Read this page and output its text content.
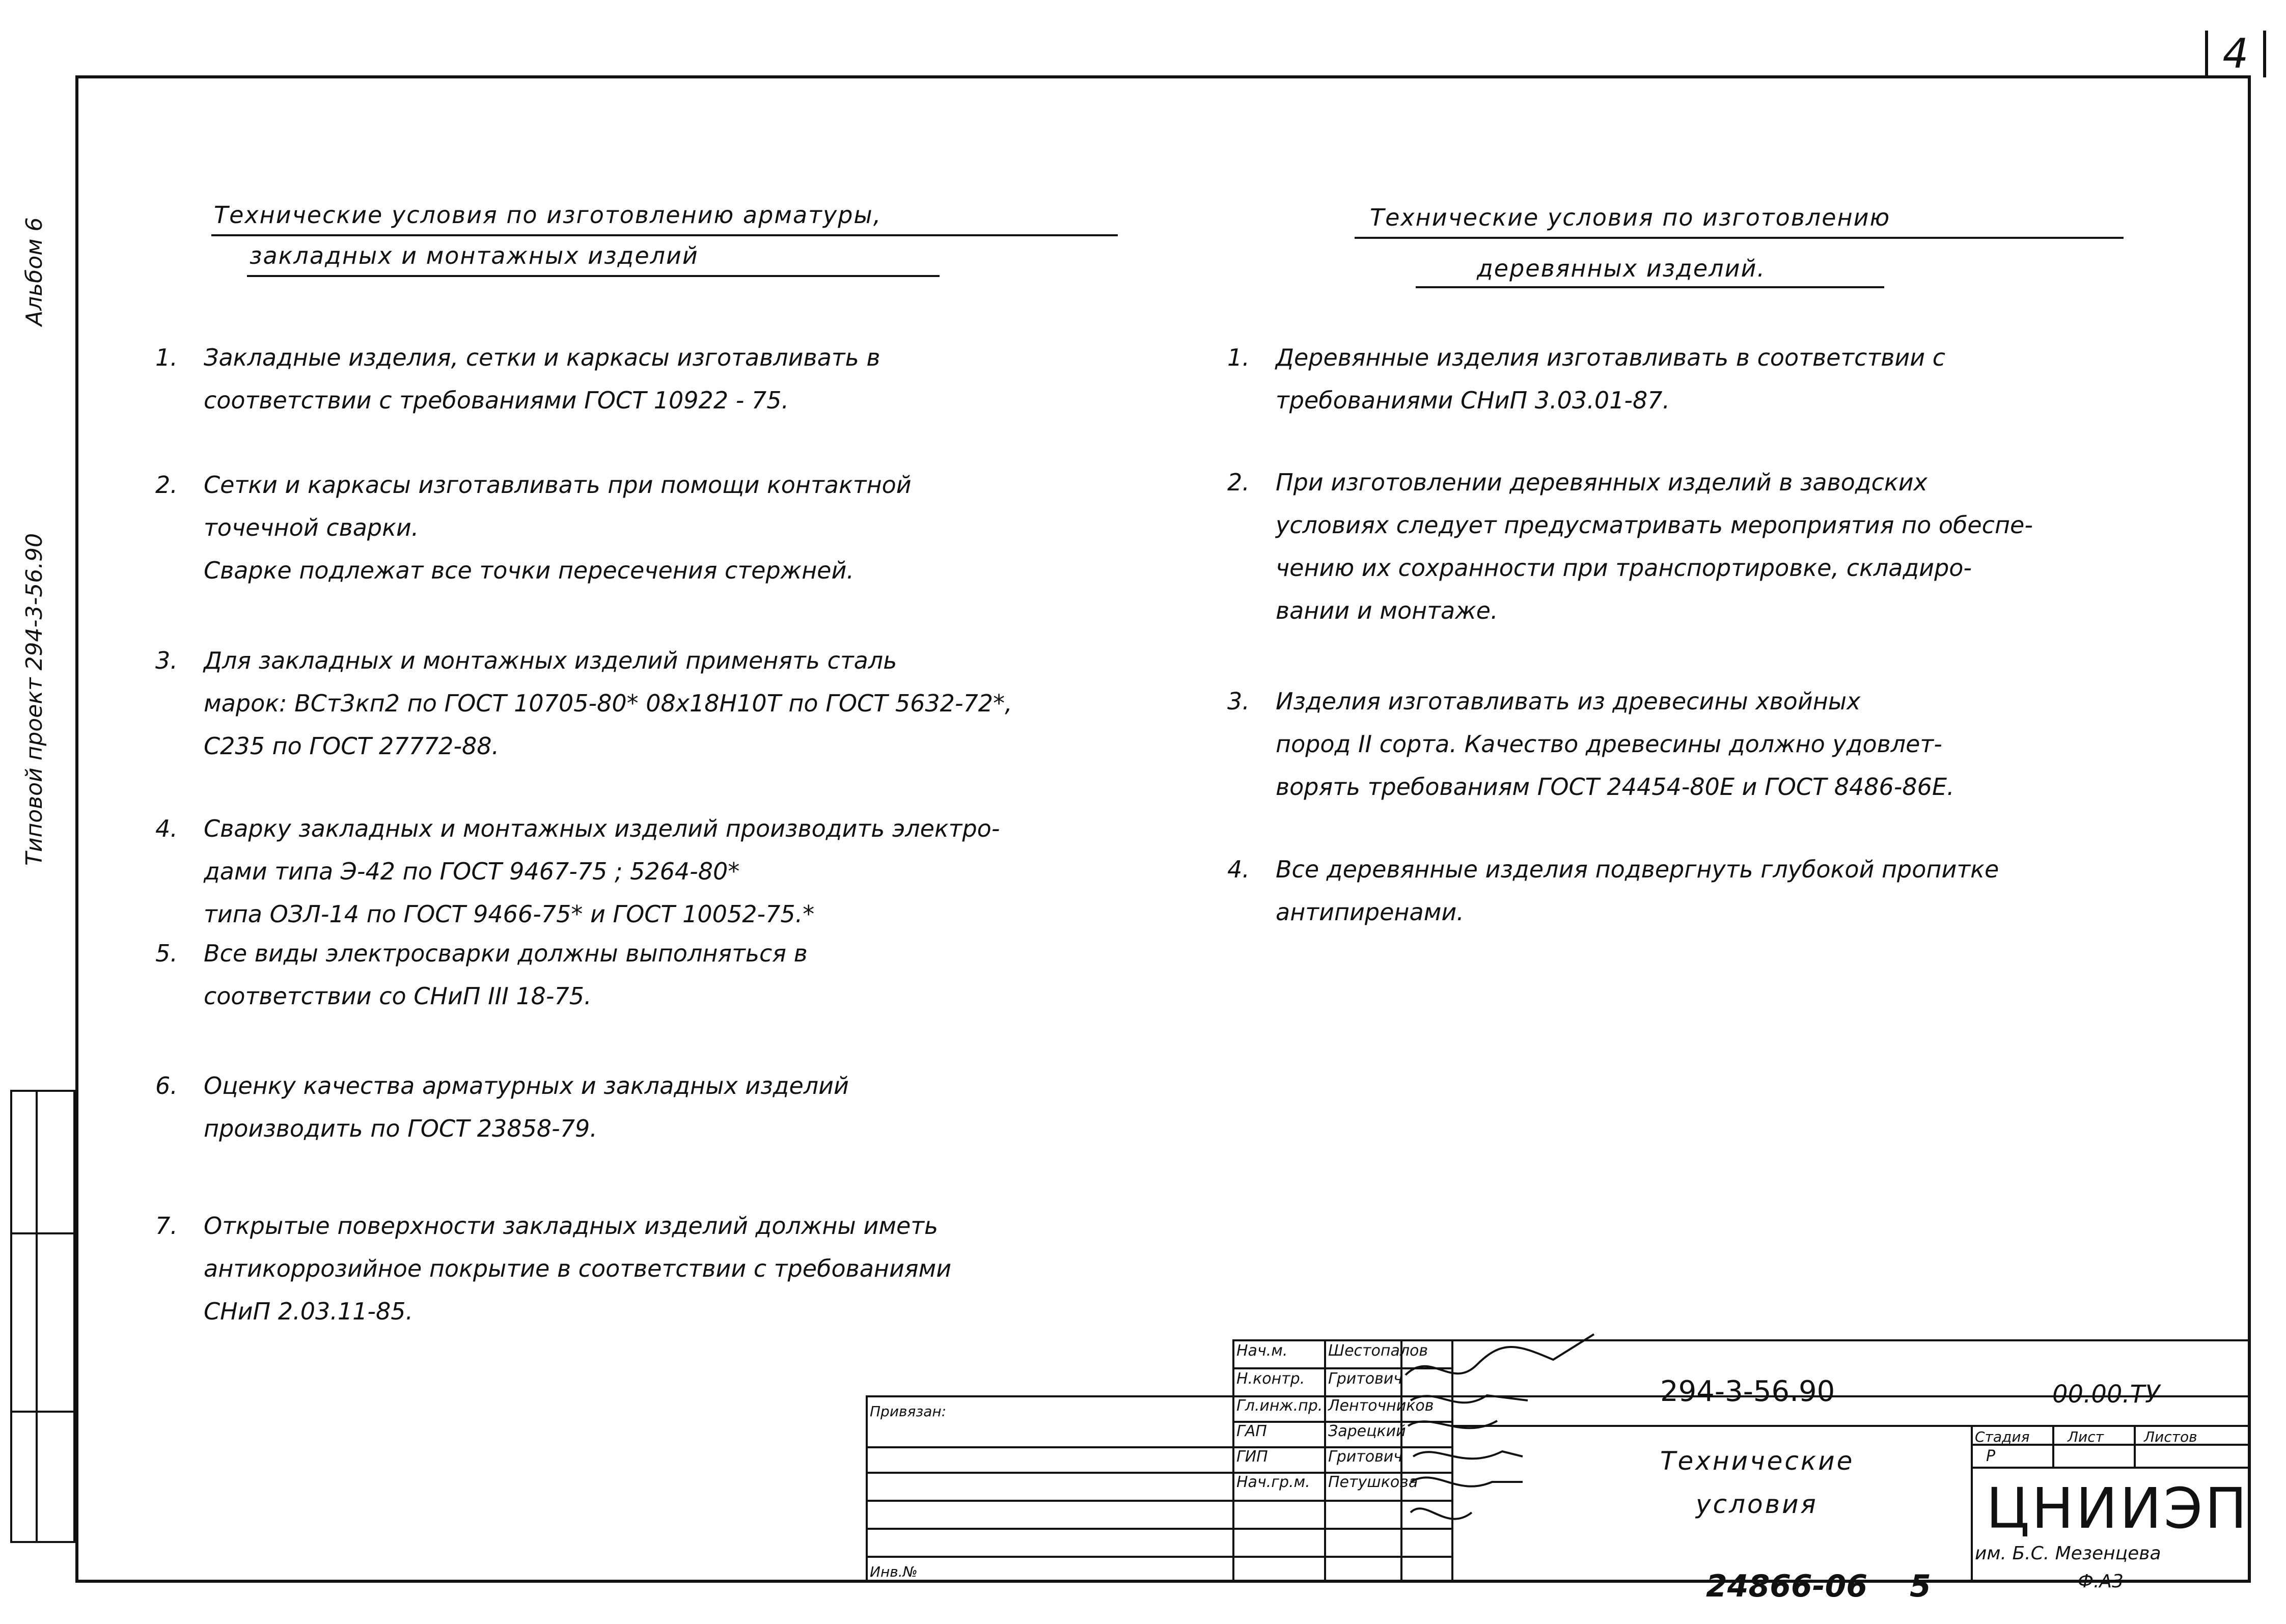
4
Альбом 6
Типовой проект 294-3-56.90
Технические условия по изготовлению арматуры,
закладных и монтажных изделий
1. Закладные изделия, сетки и каркасы изготавливать в
соответствии с требованиями ГОСТ 10922 - 75.
2. Сетки и каркасы изготавливать при помощи контактной
точечной сварки.
Сварке подлежат все точки пересечения стержней.
3. Для закладных и монтажных изделий применять сталь
марок: ВСт3кп2 по ГОСТ 10705-80* 08х18Н10Т по ГОСТ 5632-72*,
С235 по ГОСТ 27772-88.
4. Сварку закладных и монтажных изделий производить электро-
дами типа Э-42 по ГОСТ 9467-75 ; 5264-80*
типа ОЗЛ-14 по ГОСТ 9466-75* и ГОСТ 10052-75.*
5. Все виды электросварки должны выполняться в
соответствии со СНиП III 18-75.
6. Оценку качества арматурных и закладных изделий
производить по ГОСТ 23858-79.
7. Открытые поверхности закладных изделий должны иметь
антикоррозийное покрытие в соответствии с требованиями
СНиП 2.03.11-85.
Технические условия по изготовлению
деревянных изделий.
1. Деревянные изделия изготавливать в соответствии с
требованиями СНиП 3.03.01-87.
2. При изготовлении деревянных изделий в заводских
условиях следует предусматривать мероприятия по обеспе-
чению их сохранности при транспортировке, складиро-
вании и монтаже.
3. Изделия изготавливать из древесины хвойных
пород II сорта. Качество древесины должно удовлет-
ворять требованиям ГОСТ 24454-80Е и ГОСТ 8486-86Е.
4. Все деревянные изделия подвергнуть глубокой пропитке
антипиренами.
294-3-56.90	00.00.ТУ
Привязан:
Инв.№
Технические
условия
Стадия	Лист	Листов
Р
ЦНИИЭП
им. Б.С. Мезенцева
Нач.м.	Шестопалов
Н.контр. Гритович
Гл.инж.пр. Ленточников
ГАП	Зарецкий
ГИП	Гритович
Нач.гр.м. Петушкова
24866-06 5	Ф.А3
